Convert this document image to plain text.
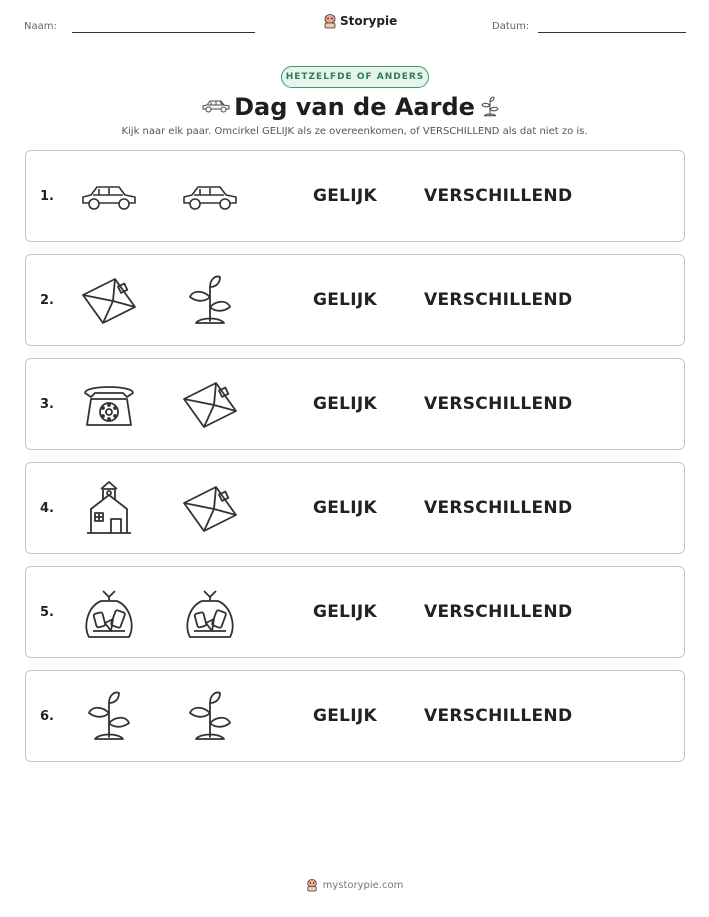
Naam:	Storypie	Datum:
HETZELFDE OF ANDERS
Dag van de Aarde
Kijk naar elk paar. Omcirkel GELIJK als ze overeenkomen, of VERSCHILLEND als dat niet zo is.
1.	GELIJK	VERSCHILLEND
2.	GELIJK	VERSCHILLEND
3.	GELIJK	VERSCHILLEND
4.	GELIJK	VERSCHILLEND
5.	GELIJK	VERSCHILLEND
6.	GELIJK	VERSCHILLEND
mystorypie.com
